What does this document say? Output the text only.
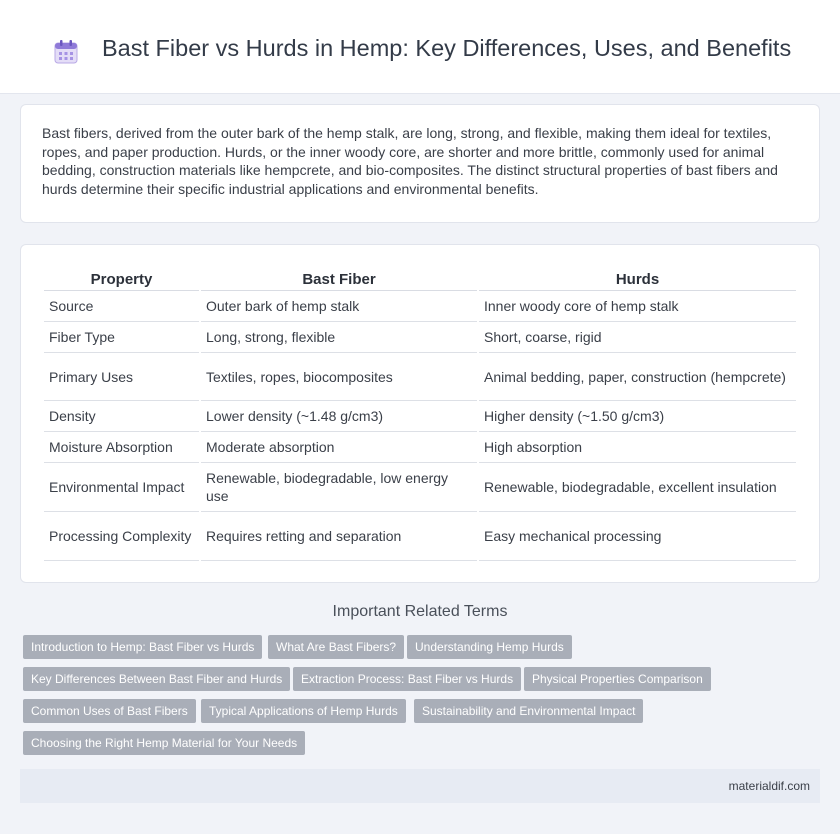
Bast Fiber vs Hurds in Hemp: Key Differences, Uses, and Benefits
Bast fibers, derived from the outer bark of the hemp stalk, are long, strong, and flexible, making them ideal for textiles, ropes, and paper production. Hurds, or the inner woody core, are shorter and more brittle, commonly used for animal bedding, construction materials like hempcrete, and bio-composites. The distinct structural properties of bast fibers and hurds determine their specific industrial applications and environmental benefits.
Property	Bast Fiber	Hurds
Source	Outer bark of hemp stalk	Inner woody core of hemp stalk
Fiber Type	Long, strong, flexible	Short, coarse, rigid
Primary Uses	Textiles, ropes, biocomposites	Animal bedding, paper, construction (hempcrete)
Density	Lower density (~1.48 g/cm3)	Higher density (~1.50 g/cm3)
Moisture Absorption	Moderate absorption	High absorption
Environmental Impact	Renewable, biodegradable, low energy use	Renewable, biodegradable, excellent insulation
Processing Complexity	Requires retting and separation	Easy mechanical processing
Important Related Terms
Introduction to Hemp: Bast Fiber vs Hurds	What Are Bast Fibers?	Understanding Hemp Hurds
Key Differences Between Bast Fiber and Hurds	Extraction Process: Bast Fiber vs Hurds	Physical Properties Comparison
Common Uses of Bast Fibers	Typical Applications of Hemp Hurds	Sustainability and Environmental Impact
Choosing the Right Hemp Material for Your Needs
materialdif.com
